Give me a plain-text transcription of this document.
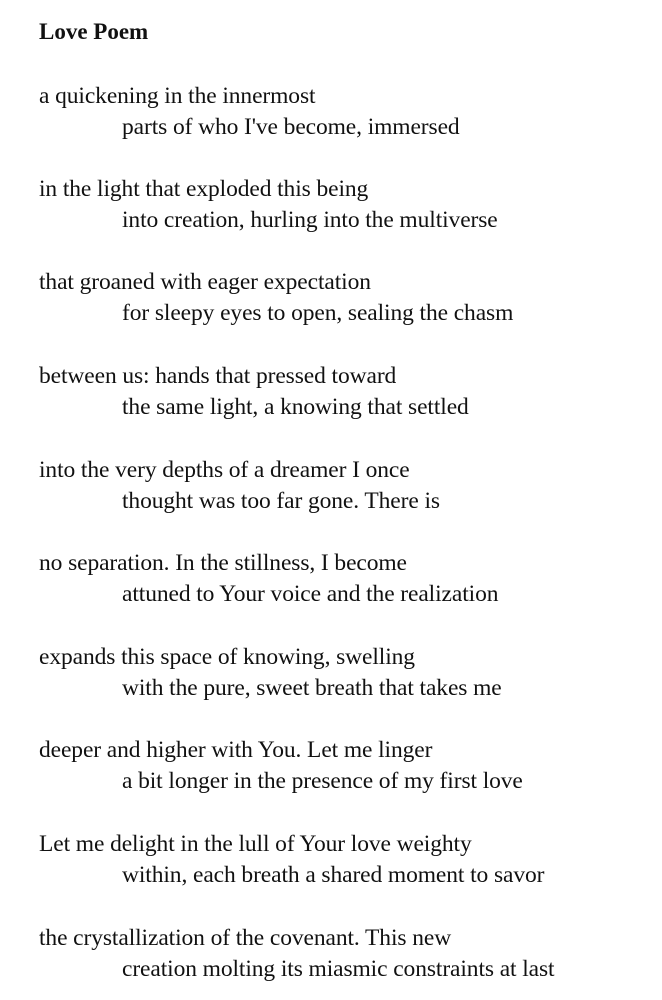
Love Poem
a quickening in the innermost
parts of who I've become, immersed
in the light that exploded this being
into creation, hurling into the multiverse
that groaned with eager expectation
for sleepy eyes to open, sealing the chasm
between us: hands that pressed toward
the same light, a knowing that settled
into the very depths of a dreamer I once
thought was too far gone. There is
no separation. In the stillness, I become
attuned to Your voice and the realization
expands this space of knowing, swelling
with the pure, sweet breath that takes me
deeper and higher with You. Let me linger
a bit longer in the presence of my first love
Let me delight in the lull of Your love weighty
within, each breath a shared moment to savor
the crystallization of the covenant. This new
creation molting its miasmic constraints at last
